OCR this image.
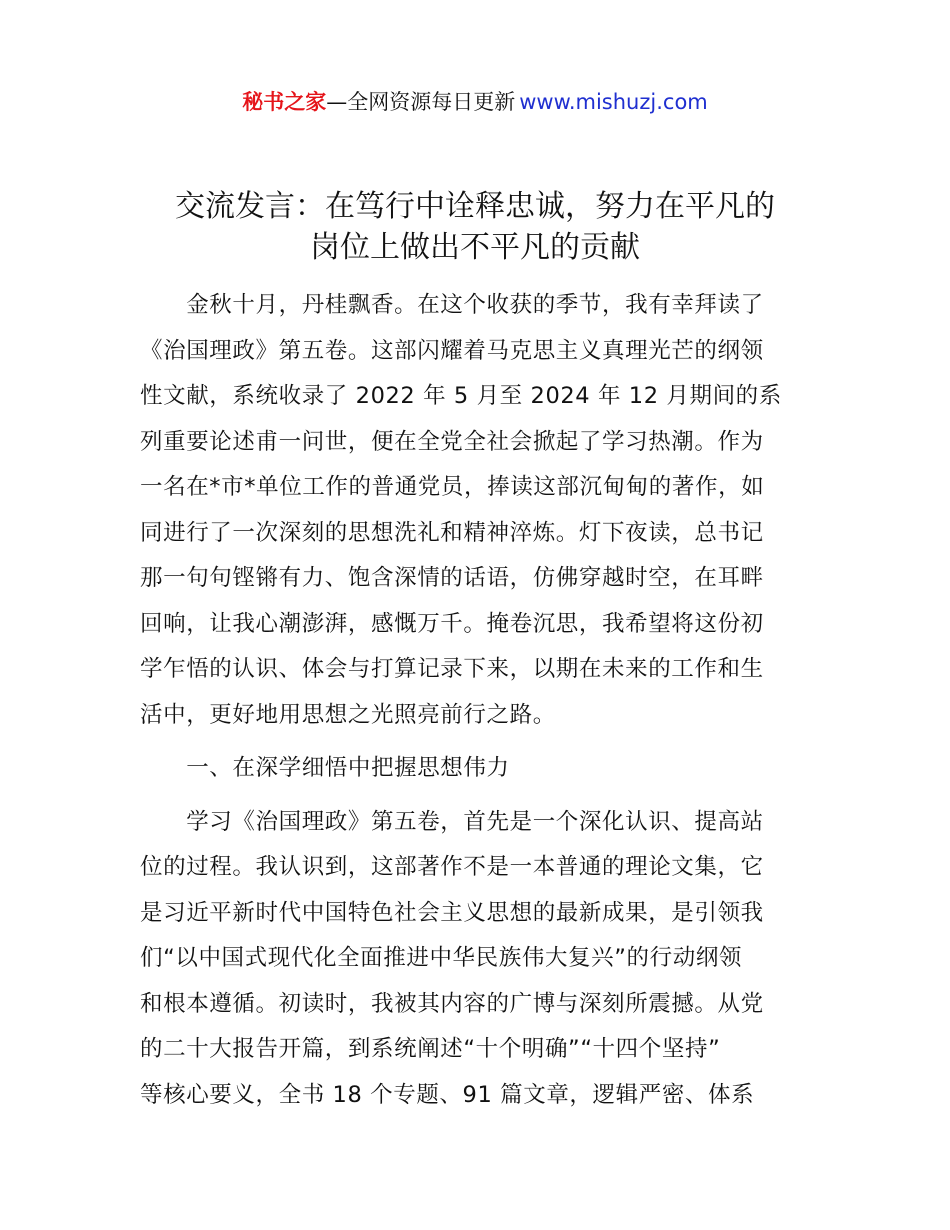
秘书之家—全网资源每日更新 www.mishuzj.com
交流发言：在笃行中诠释忠诚，努力在平凡的
岗位上做出不平凡的贡献
　　金秋十月，丹桂飘香。在这个收获的季节，我有幸拜读了
《治国理政》第五卷。这部闪耀着马克思主义真理光芒的纲领
性文献，系统收录了 2022 年 5 月至 2024 年 12 月期间的系
列重要论述甫一问世，便在全党全社会掀起了学习热潮。作为
一名在*市*单位工作的普通党员，捧读这部沉甸甸的著作，如
同进行了一次深刻的思想洗礼和精神淬炼。灯下夜读，总书记
那一句句铿锵有力、饱含深情的话语，仿佛穿越时空，在耳畔
回响，让我心潮澎湃，感慨万千。掩卷沉思，我希望将这份初
学乍悟的认识、体会与打算记录下来，以期在未来的工作和生
活中，更好地用思想之光照亮前行之路。
　　一、在深学细悟中把握思想伟力
　　学习《治国理政》第五卷，首先是一个深化认识、提高站
位的过程。我认识到，这部著作不是一本普通的理论文集，它
是习近平新时代中国特色社会主义思想的最新成果，是引领我
们“以中国式现代化全面推进中华民族伟大复兴”的行动纲领
和根本遵循。初读时，我被其内容的广博与深刻所震撼。从党
的二十大报告开篇，到系统阐述“十个明确”“十四个坚持”
等核心要义，全书 18 个专题、91 篇文章，逻辑严密、体系
